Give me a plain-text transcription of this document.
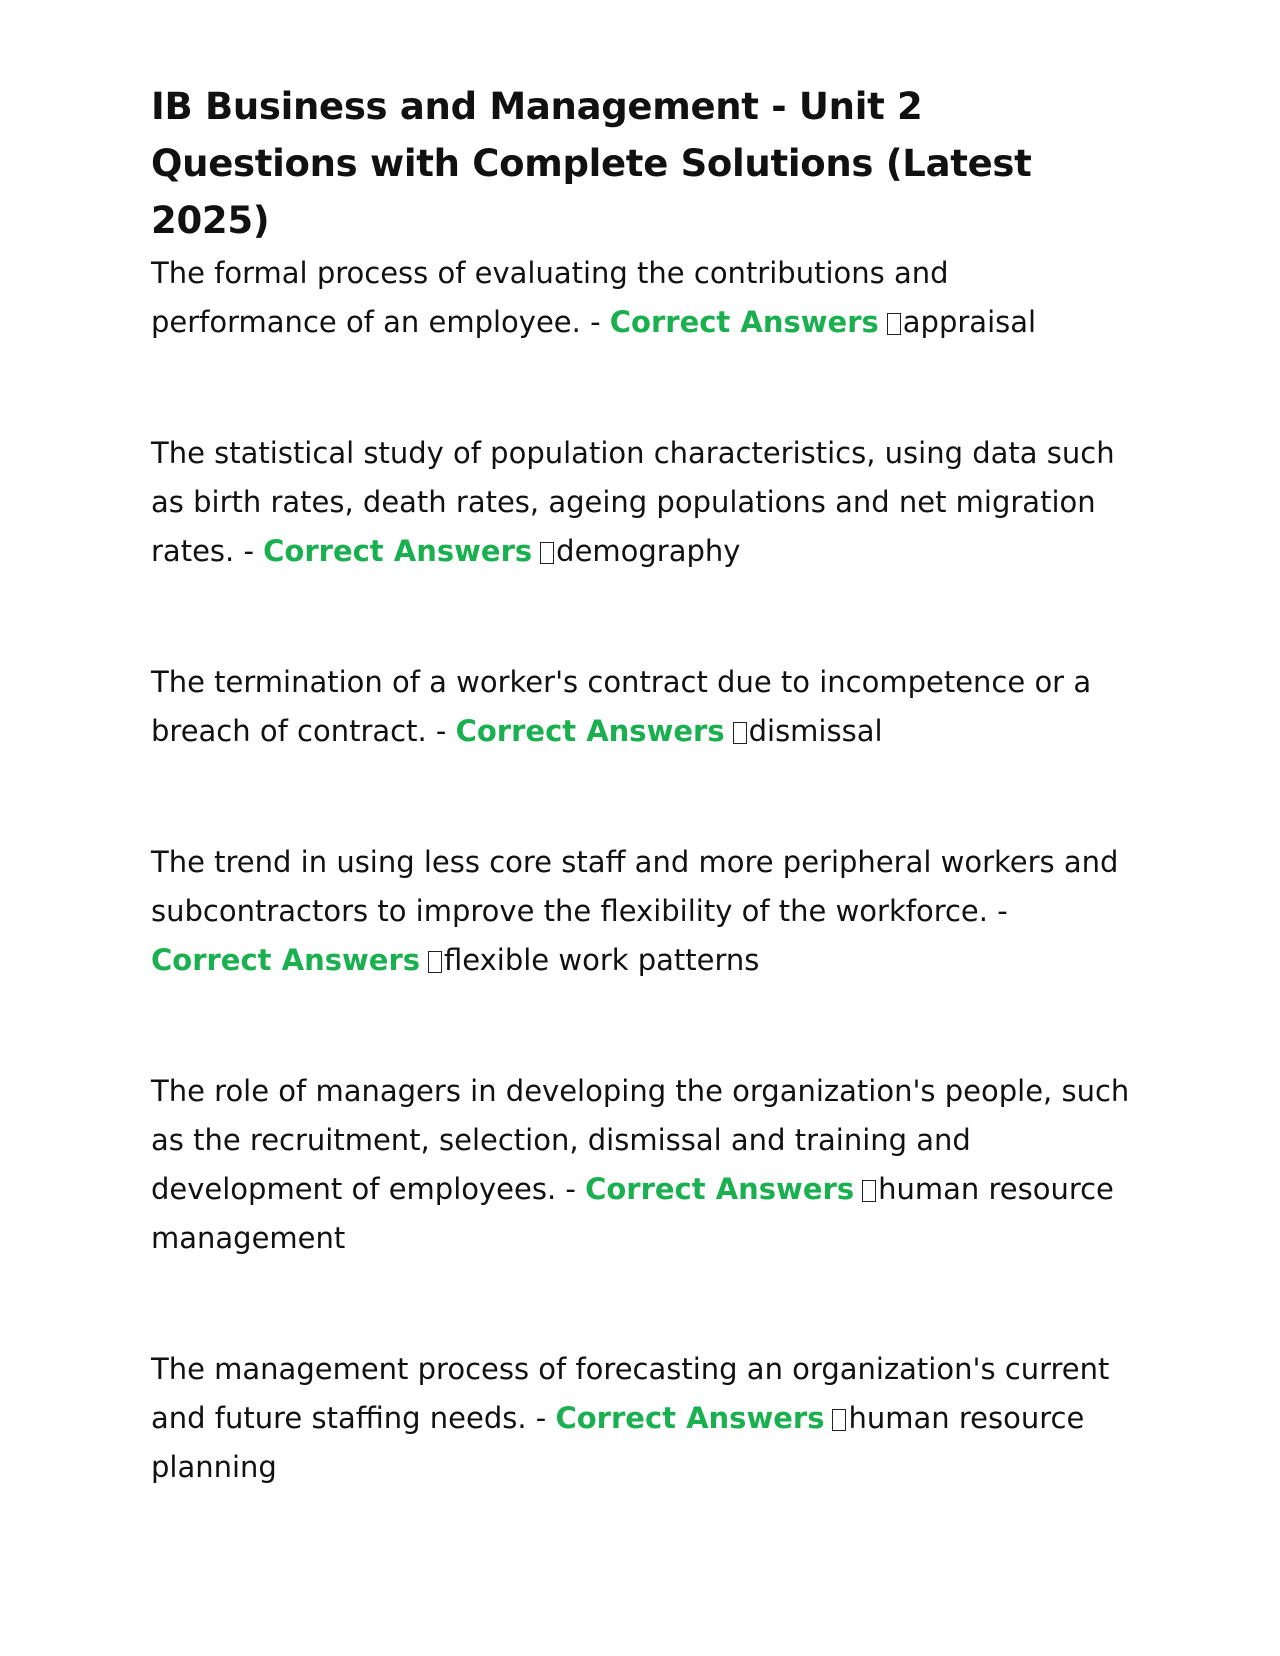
IB Business and Management - Unit 2 Questions with Complete Solutions (Latest 2025)
The formal process of evaluating the contributions and performance of an employee. - Correct Answers appraisal
The statistical study of population characteristics, using data such as birth rates, death rates, ageing populations and net migration rates. - Correct Answers demography
The termination of a worker's contract due to incompetence or a breach of contract. - Correct Answers dismissal
The trend in using less core staff and more peripheral workers and subcontractors to improve the flexibility of the workforce. - Correct Answers flexible work patterns
The role of managers in developing the organization's people, such as the recruitment, selection, dismissal and training and development of employees. - Correct Answers human resource management
The management process of forecasting an organization's current and future staffing needs. - Correct Answers human resource planning
